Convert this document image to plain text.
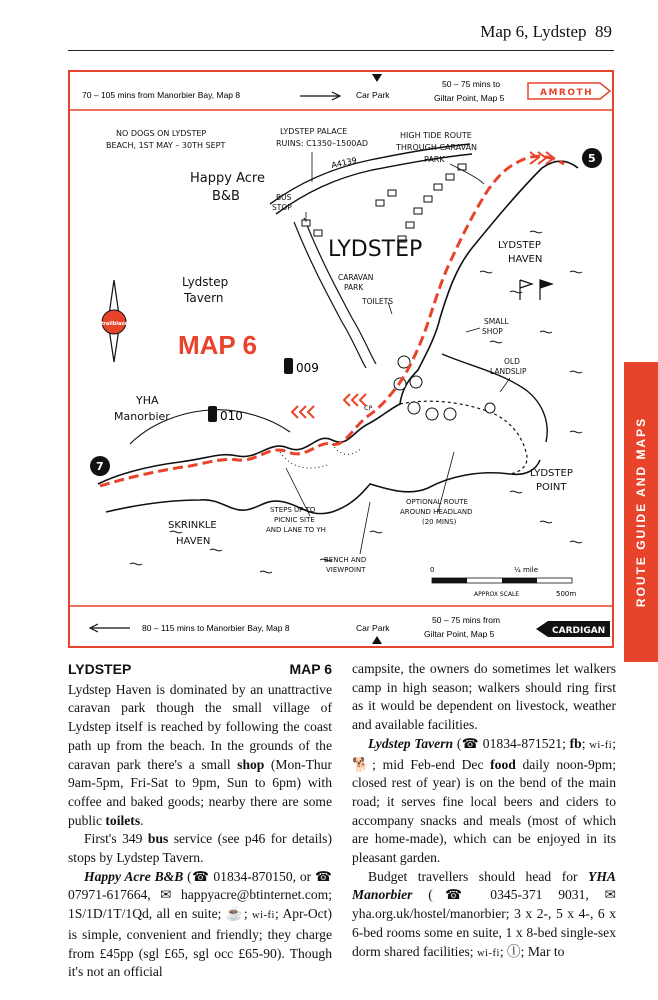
Map 6, Lydstep 89
70 – 105 mins from Manorbier Bay, Map 8	Car Park
50 – 75 mins to
Giltar Point, Map 5	AMROTH
80 – 115 mins to Manorbier Bay, Map 8	Car Park
50 – 75 mins from
Giltar Point, Map 5	CARDIGAN
A4139	5
7
009
010
trailblazer
MAP 6
NO DOGS ON LYDSTEP
BEACH, 1ST MAY – 30TH SEPT
LYDSTEP PALACE
RUINS: C1350–1500AD
HIGH TIDE ROUTE
THROUGH CARAVAN
PARK
Happy Acre
B&B	BUS
STOP
LYDSTEP	LYDSTEP
HAVEN
CARAVAN
PARK
TOILETS
SMALL
SHOP
Lydstep
Tavern
OLD
LANDSLIP
YHA
Manorbier
CP
LYDSTEP
POINT
STEPS UP TO
PICNIC SITE
AND LANE TO YH
OPTIONAL ROUTE
AROUND HEADLAND
(20 MINS)
SKRINKLE
HAVEN
BENCH AND
VIEWPOINT	0	¼ mile
APPROX SCALE	500m	ROUTE GUIDE AND MAPS
LYDSTEP	MAP 6

Lydstep Haven is dominated by an unattractive caravan park though the small village of Lydstep itself is reached by following the coast path up from the beach. In the grounds of the caravan park there's a small shop (Mon-Thur 9am-5pm, Fri-Sat to 9pm, Sun to 6pm) with coffee and baked goods; nearby there are some public toilets.

First's 349 bus service (see p46 for details) stops by Lydstep Tavern.

Happy Acre B&B (☎ 01834-870150, or ☎ 07971-617664, ✉ happyacre@btinternet.com; 1S/1D/1T/1Qd, all en suite; ☕; wi-fi; Apr-Oct) is simple, convenient and friendly; they charge from £45pp (sgl £65, sgl occ £65-90). Though it's not an official

campsite, the owners do sometimes let walkers camp in high season; walkers should ring first as it would be dependent on livestock, weather and available facilities.

Lydstep Tavern (☎ 01834-871521; fb; wi-fi; 🐕; mid Feb-end Dec food daily noon-9pm; closed rest of year) is on the bend of the main road; it serves fine local beers and ciders to accompany snacks and meals (most of which are home-made), which can be enjoyed in its pleasant garden.

Budget travellers should head for YHA Manorbier (☎ 0345-371 9031, ✉ yha.org.uk/hostel/manorbier; 3 x 2-, 5 x 4-, 6 x 6-bed rooms some en suite, 1 x 8-bed single-sex dorm shared facilities; wi-fi; ⓛ; Mar to
